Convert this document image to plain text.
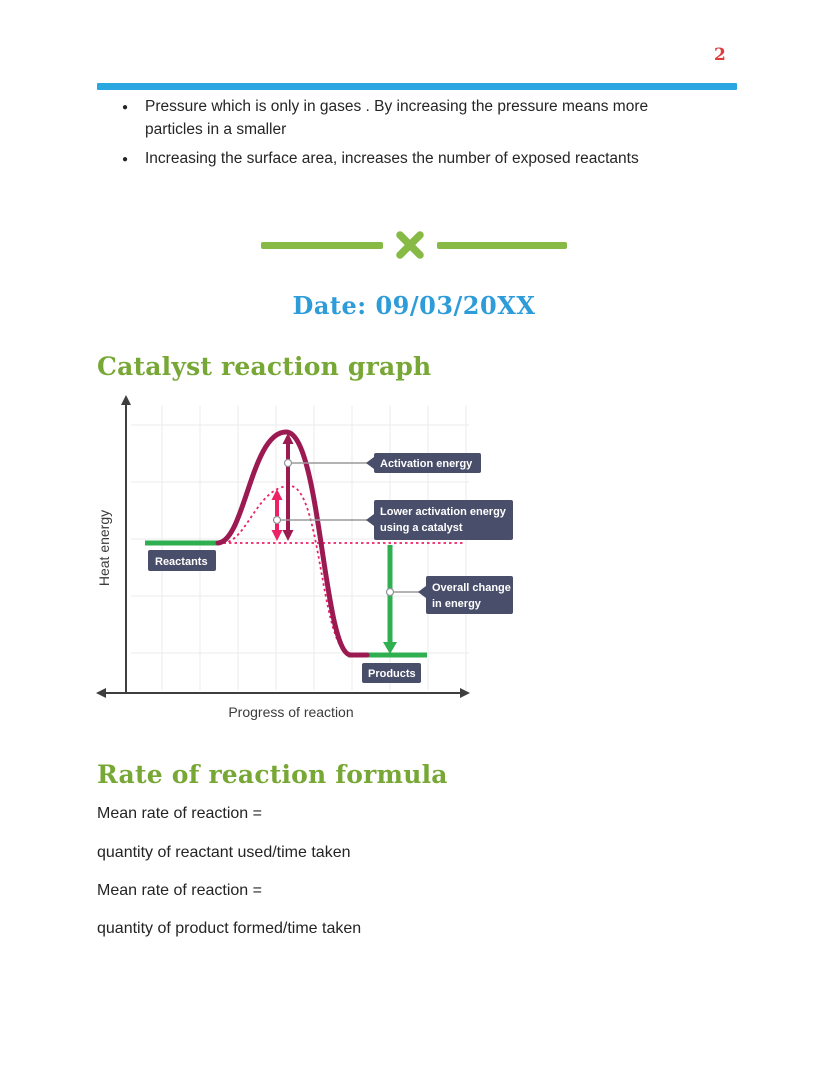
2
● Pressure which is only in gases . By increasing the pressure means more particles in a smaller
● Increasing the surface area, increases the number of exposed reactants
Date: 09/03/20XX
Catalyst reaction graph
Reactants
Activation energy
Lower activation energy
using a catalyst
Overall change
in energy
Products
Heat energy
Progress of reaction
Rate of reaction formula

Mean rate of reaction =

quantity of reactant used/time taken

Mean rate of reaction =

quantity of product formed/time taken
